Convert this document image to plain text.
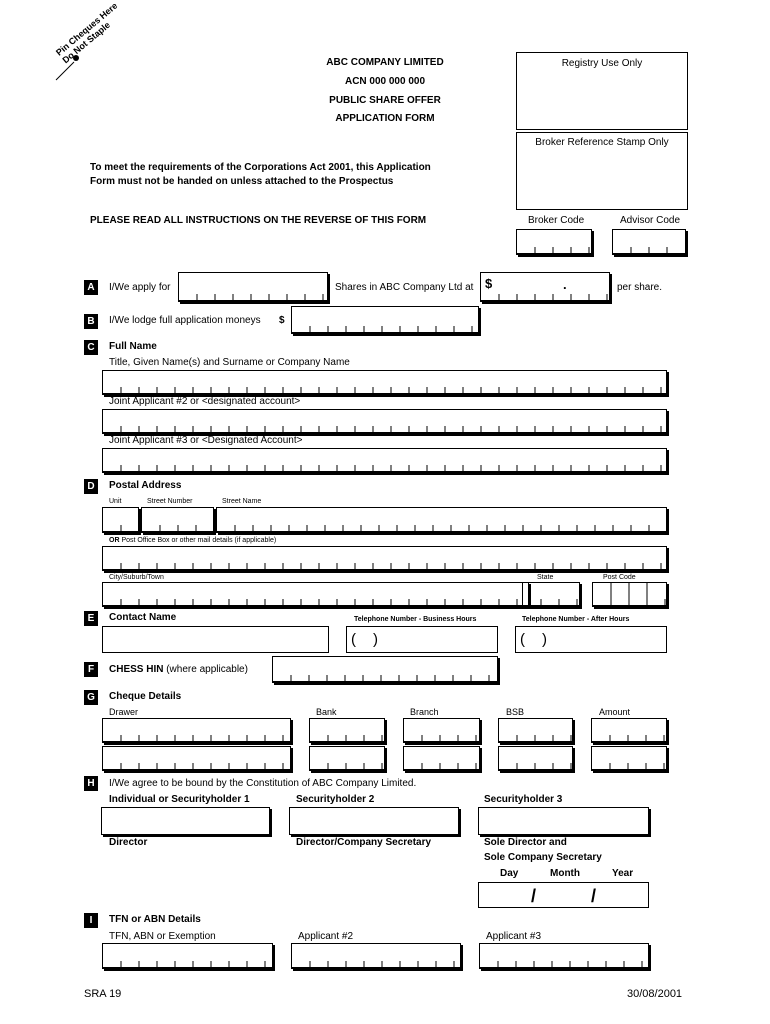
Pin Cheques Here
Do Not Staple	ABC COMPANY LIMITED
ACN 000 000 000
PUBLIC SHARE OFFER
APPLICATION FORM
Registry Use Only
Broker Reference Stamp Only
Broker Code	Advisor Code
To meet the requirements of the Corporations Act 2001, this Application
Form must not be handed on unless attached to the Prospectus
PLEASE READ ALL INSTRUCTIONS ON THE REVERSE OF THIS FORM
A	I/We apply for	Shares in ABC Company Ltd at $	.	per share.
B	I/We lodge full application moneys $
C	Full Name
Title, Given Name(s) and Surname or Company Name
Joint Applicant #2 or <designated account>
Joint Applicant #3 or <Designated Account>
D	Postal Address
Unit	Street Number	Street Name
OR Post Office Box or other mail details (if applicable)
City/Suburb/Town	State	Post Code
E	Contact Name	Telephone Number - Business Hours	Telephone Number - After Hours
( )	( )
F	CHESS HIN (where applicable)
G	Cheque Details
Drawer	Bank	Branch	BSB	Amount
H	I/We agree to be bound by the Constitution of ABC Company Limited.
Individual or Securityholder 1	Securityholder 2	Securityholder 3
Director	Director/Company Secretary	Sole Director and
Sole Company Secretary
Day	Month	Year
/	/
I	TFN or ABN Details
TFN, ABN or Exemption	Applicant #2	Applicant #3
SRA 19	30/08/2001
